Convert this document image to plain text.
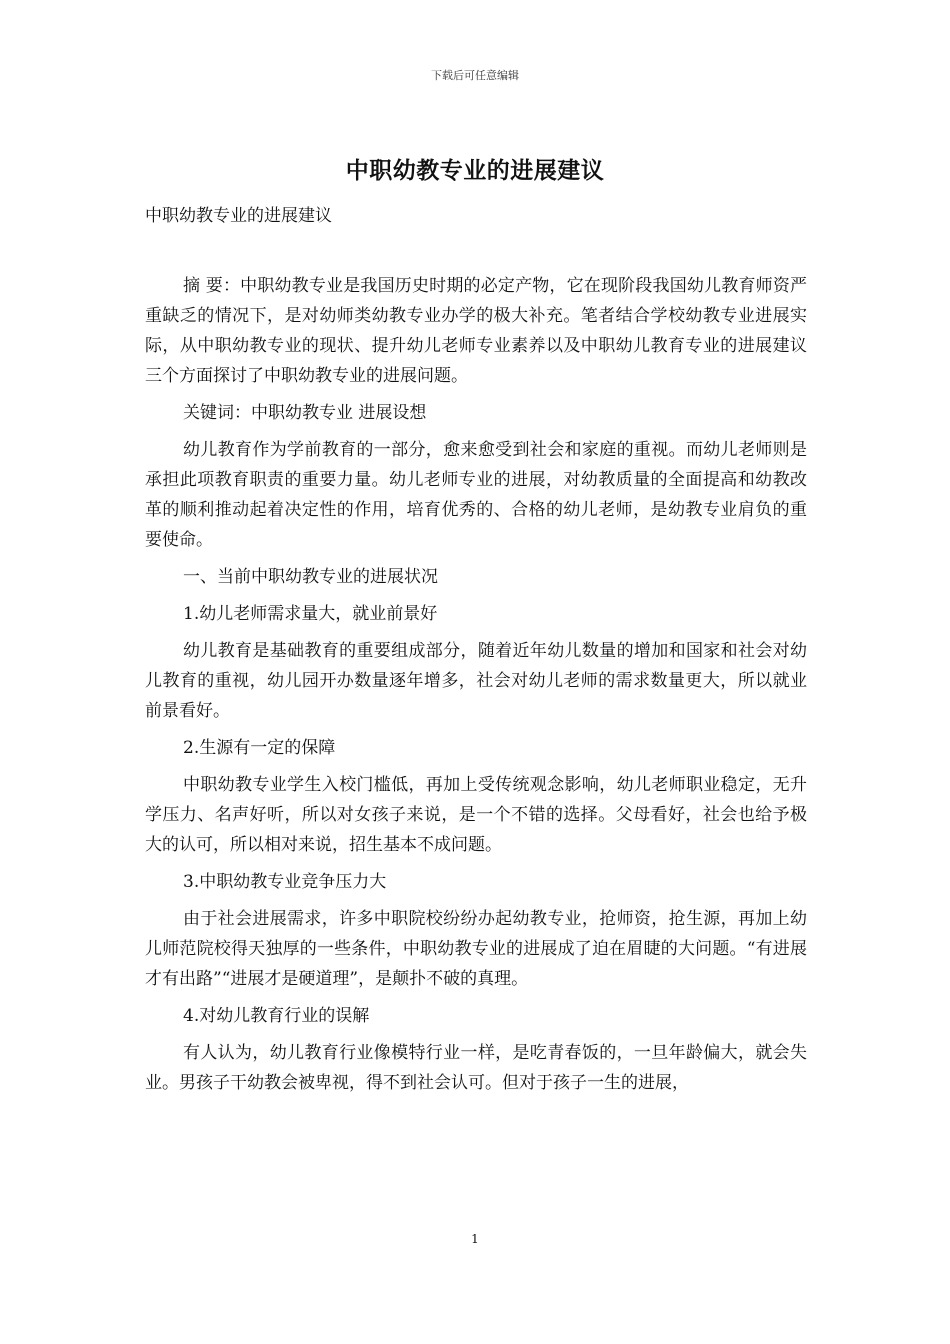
下载后可任意编辑
中职幼教专业的进展建议
中职幼教专业的进展建议

摘 要：中职幼教专业是我国历史时期的必定产物，它在现阶段我国幼儿教育师资严重缺乏的情况下，是对幼师类幼教专业办学的极大补充。笔者结合学校幼教专业进展实际，从中职幼教专业的现状、提升幼儿老师专业素养以及中职幼儿教育专业的进展建议三个方面探讨了中职幼教专业的进展问题。

关键词：中职幼教专业 进展设想

幼儿教育作为学前教育的一部分，愈来愈受到社会和家庭的重视。而幼儿老师则是承担此项教育职责的重要力量。幼儿老师专业的进展，对幼教质量的全面提高和幼教改革的顺利推动起着决定性的作用，培育优秀的、合格的幼儿老师，是幼教专业肩负的重要使命。

一、当前中职幼教专业的进展状况

1.幼儿老师需求量大，就业前景好

幼儿教育是基础教育的重要组成部分，随着近年幼儿数量的增加和国家和社会对幼儿教育的重视，幼儿园开办数量逐年增多，社会对幼儿老师的需求数量更大，所以就业前景看好。

2.生源有一定的保障

中职幼教专业学生入校门槛低，再加上受传统观念影响，幼儿老师职业稳定，无升学压力、名声好听，所以对女孩子来说，是一个不错的选择。父母看好，社会也给予极大的认可，所以相对来说，招生基本不成问题。

3.中职幼教专业竞争压力大

由于社会进展需求，许多中职院校纷纷办起幼教专业，抢师资，抢生源，再加上幼儿师范院校得天独厚的一些条件，中职幼教专业的进展成了迫在眉睫的大问题。“有进展才有出路”“进展才是硬道理”，是颠扑不破的真理。

4.对幼儿教育行业的误解

有人认为，幼儿教育行业像模特行业一样，是吃青春饭的，一旦年龄偏大，就会失业。男孩子干幼教会被卑视，得不到社会认可。但对于孩子一生的进展，

1
